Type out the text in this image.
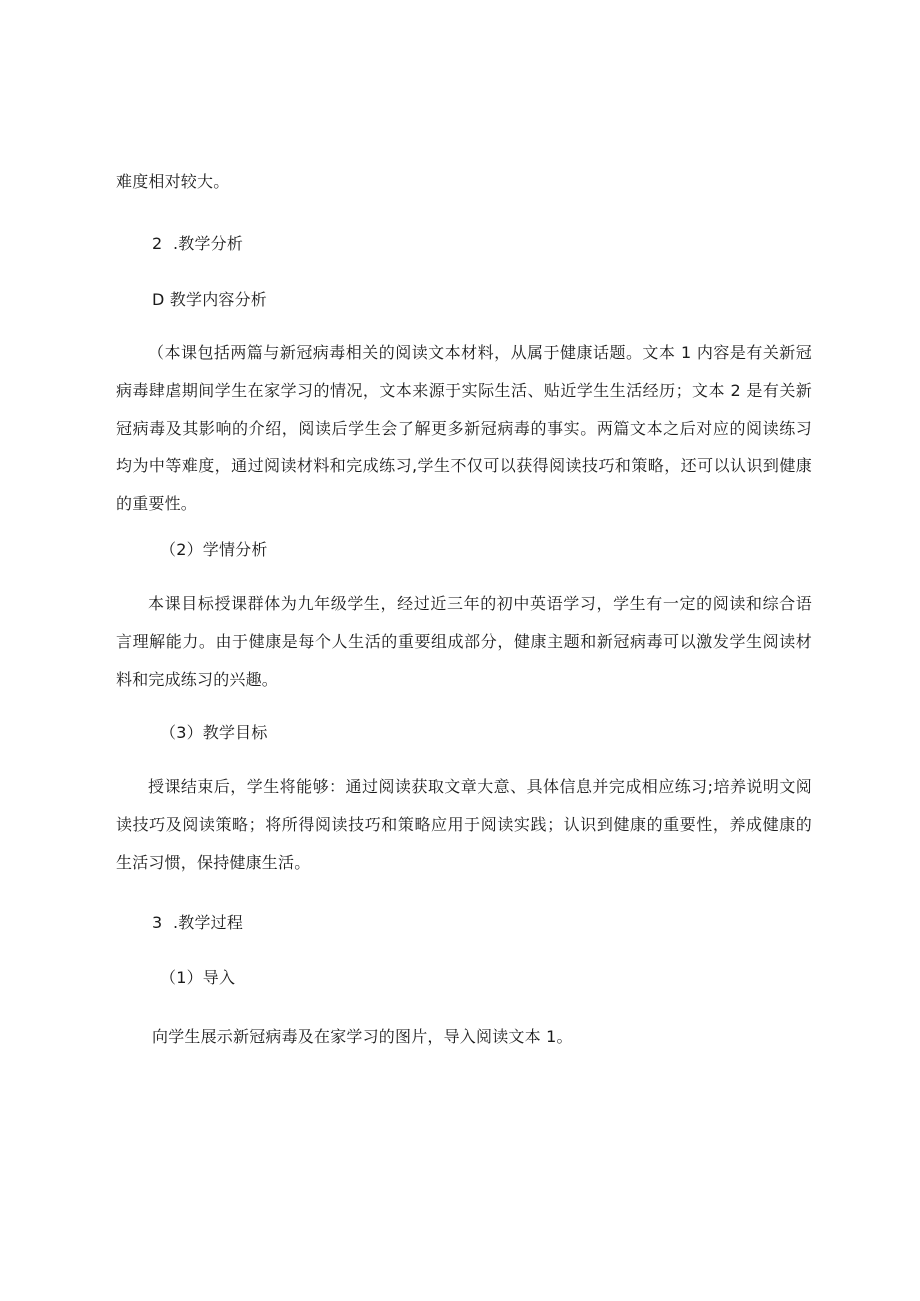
难度相对较大。
2  .教学分析
D 教学内容分析
（本课包括两篇与新冠病毒相关的阅读文本材料，从属于健康话题。文本 1 内容是有关新冠病毒肆虐期间学生在家学习的情况，文本来源于实际生活、贴近学生生活经历；文本 2 是有关新冠病毒及其影响的介绍，阅读后学生会了解更多新冠病毒的事实。两篇文本之后对应的阅读练习均为中等难度，通过阅读材料和完成练习,学生不仅可以获得阅读技巧和策略，还可以认识到健康的重要性。
（2）学情分析
本课目标授课群体为九年级学生，经过近三年的初中英语学习，学生有一定的阅读和综合语言理解能力。由于健康是每个人生活的重要组成部分，健康主题和新冠病毒可以激发学生阅读材料和完成练习的兴趣。
（3）教学目标
授课结束后，学生将能够：通过阅读获取文章大意、具体信息并完成相应练习;培养说明文阅读技巧及阅读策略；将所得阅读技巧和策略应用于阅读实践；认识到健康的重要性，养成健康的生活习惯，保持健康生活。
3  .教学过程
（1）导入
向学生展示新冠病毒及在家学习的图片，导入阅读文本 1。
